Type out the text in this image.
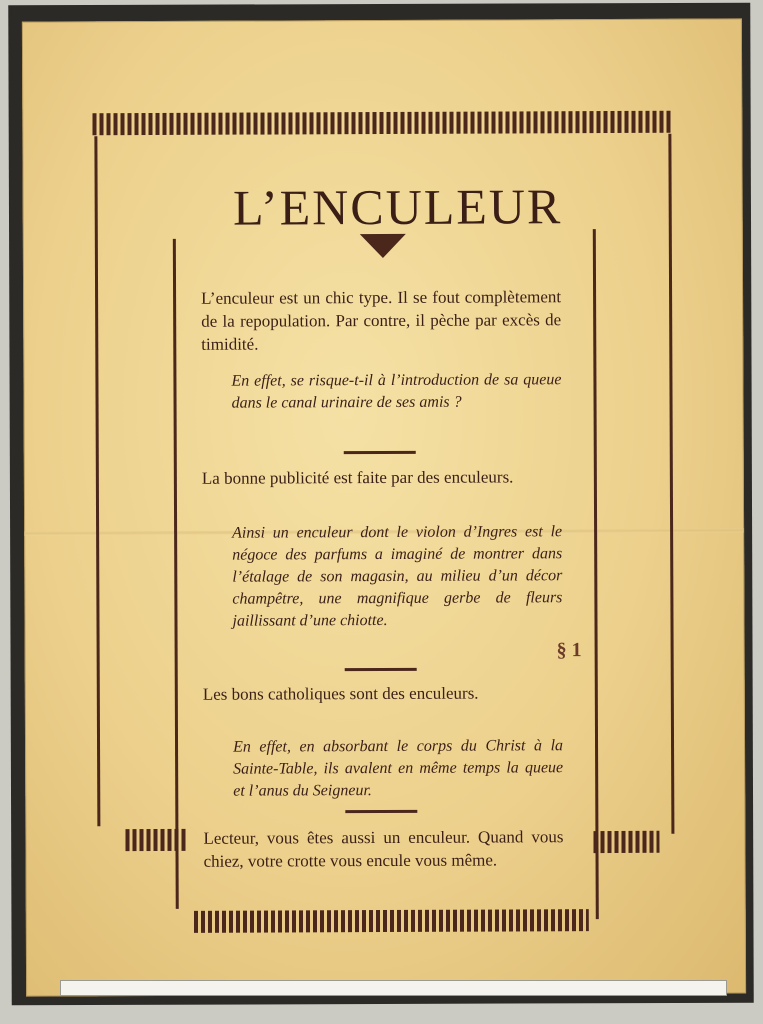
L’ENCULEUR
L’enculeur est un chic type. Il se fout complètement de la repopulation. Par contre, il pèche par excès de timidité.
En effet, se risque-t-il à l’introduction de sa queue dans le canal urinaire de ses amis ?
La bonne publicité est faite par des enculeurs.
Ainsi un enculeur dont le violon d’Ingres est le négoce des parfums a imaginé de montrer dans l’étalage de son magasin, au milieu d’un décor champêtre, une magnifique gerbe de fleurs jaillissant d’une chiotte.
§ 1
Les bons catholiques sont des enculeurs.
En effet, en absorbant le corps du Christ à la Sainte-Table, ils avalent en même temps la queue et l’anus du Seigneur.
Lecteur, vous êtes aussi un enculeur. Quand vous chiez, votre crotte vous encule vous même.
